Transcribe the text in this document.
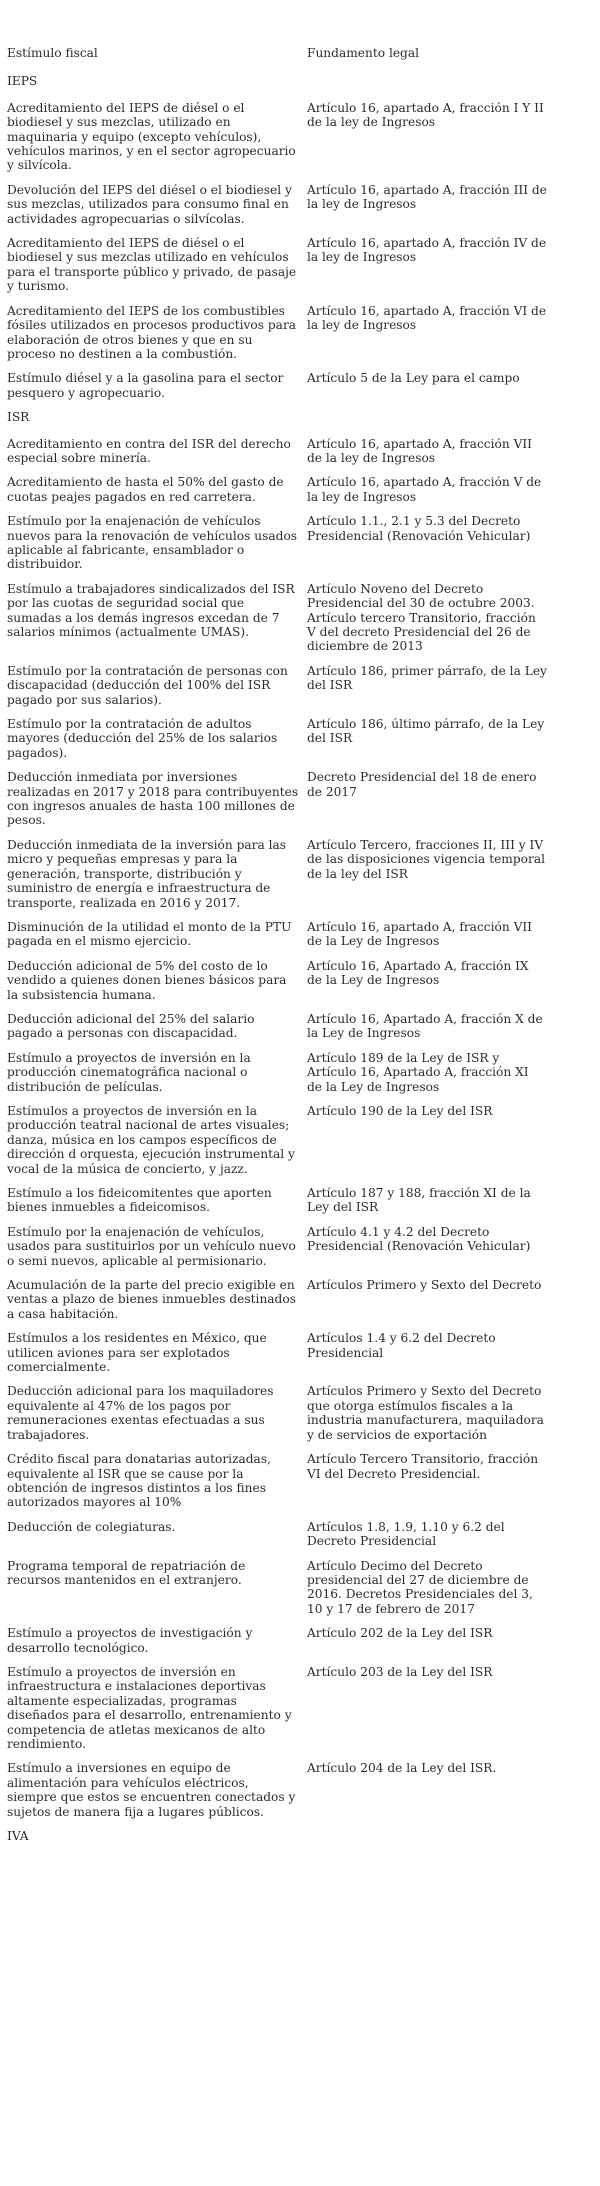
Estímulo fiscal	Fundamento legal
IEPS	
Acreditamiento del IEPS de diésel o el biodiesel y sus mezclas, utilizado en maquinaria y equipo (excepto vehículos), vehículos marinos, y en el sector agropecuario y silvícola.	Artículo 16, apartado A, fracción I Y II de la ley de Ingresos
Devolución del IEPS del diésel o el biodiesel y sus mezclas, utilizados para consumo final en actividades agropecuarias o silvícolas.	Artículo 16, apartado A, fracción III de la ley de Ingresos
Acreditamiento del IEPS de diésel o el biodiesel y sus mezclas utilizado en vehículos para el transporte público y privado, de pasaje y turismo.	Artículo 16, apartado A, fracción IV de la ley de Ingresos
Acreditamiento del IEPS de los combustibles fósiles utilizados en procesos productivos para elaboración de otros bienes y que en su proceso no destinen a la combustión.	Artículo 16, apartado A, fracción VI de la ley de Ingresos
Estímulo diésel y a la gasolina para el sector pesquero y agropecuario.	Artículo 5 de la Ley para el campo
ISR	
Acreditamiento en contra del ISR del derecho especial sobre minería.	Artículo 16, apartado A, fracción VII de la ley de Ingresos
Acreditamiento de hasta el 50% del gasto de cuotas peajes pagados en red carretera.	Artículo 16, apartado A, fracción V de la ley de Ingresos
Estímulo por la enajenación de vehículos nuevos para la renovación de vehículos usados aplicable al fabricante, ensamblador o distribuidor.	Artículo 1.1., 2.1 y 5.3 del Decreto Presidencial (Renovación Vehicular)
Estímulo a trabajadores sindicalizados del ISR por las cuotas de seguridad social que sumadas a los demás ingresos excedan de 7 salarios mínimos (actualmente UMAS).	Artículo Noveno del Decreto Presidencial del 30 de octubre 2003. Artículo tercero Transitorio, fracción V del decreto Presidencial del 26 de diciembre de 2013
Estímulo por la contratación de personas con discapacidad (deducción del 100% del ISR pagado por sus salarios).	Artículo 186, primer párrafo, de la Ley del ISR
Estímulo por la contratación de adultos mayores (deducción del 25% de los salarios pagados).	Artículo 186, último párrafo, de la Ley del ISR
Deducción inmediata por inversiones realizadas en 2017 y 2018 para contribuyentes con ingresos anuales de hasta 100 millones de pesos.	Decreto Presidencial del 18 de enero de 2017
Deducción inmediata de la inversión para las micro y pequeñas empresas y para la generación, transporte, distribución y suministro de energía e infraestructura de transporte, realizada en 2016 y 2017.	Artículo Tercero, fracciones II, III y IV de las disposiciones vigencia temporal de la ley del ISR
Disminución de la utilidad el monto de la PTU pagada en el mismo ejercicio.	Artículo 16, apartado A, fracción VII de la Ley de Ingresos
Deducción adicional de 5% del costo de lo vendido a quienes donen bienes básicos para la subsistencia humana.	Artículo 16, Apartado A, fracción IX de la Ley de Ingresos
Deducción adicional del 25% del salario pagado a personas con discapacidad.	Artículo 16, Apartado A, fracción X de la Ley de Ingresos
Estímulo a proyectos de inversión en la producción cinematográfica nacional o distribución de películas.	Artículo 189 de la Ley de ISR y Artículo 16, Apartado A, fracción XI de la Ley de Ingresos
Estímulos a proyectos de inversión en la producción teatral nacional de artes visuales; danza, música en los campos específicos de dirección d orquesta, ejecución instrumental y vocal de la música de concierto, y jazz.	Artículo 190 de la Ley del ISR
Estímulo a los fideicomitentes que aporten bienes inmuebles a fideicomisos.	Artículo 187 y 188, fracción XI de la Ley del ISR
Estímulo por la enajenación de vehículos, usados para sustituirlos por un vehículo nuevo o semi nuevos, aplicable al permisionario.	Artículo 4.1 y 4.2 del Decreto Presidencial (Renovación Vehicular)
Acumulación de la parte del precio exigible en ventas a plazo de bienes inmuebles destinados a casa habitación.	Artículos Primero y Sexto del Decreto
Estímulos a los residentes en México, que utilicen aviones para ser explotados comercialmente.	Artículos 1.4 y 6.2 del Decreto Presidencial
Deducción adicional para los maquiladores equivalente al 47% de los pagos por remuneraciones exentas efectuadas a sus trabajadores.	Artículos Primero y Sexto del Decreto que otorga estímulos fiscales a la industria manufacturera, maquiladora y de servicios de exportación
Crédito fiscal para donatarias autorizadas, equivalente al ISR que se cause por la obtención de ingresos distintos a los fines autorizados mayores al 10%	Artículo Tercero Transitorio, fracción VI del Decreto Presidencial.
Deducción de colegiaturas.	Artículos 1.8, 1.9, 1.10 y 6.2 del Decreto Presidencial
Programa temporal de repatriación de recursos mantenidos en el extranjero.	Artículo Decimo del Decreto presidencial del 27 de diciembre de 2016. Decretos Presidenciales del 3, 10 y 17 de febrero de 2017
Estímulo a proyectos de investigación y desarrollo tecnológico.	Artículo 202 de la Ley del ISR
Estímulo a proyectos de inversión en infraestructura e instalaciones deportivas altamente especializadas, programas diseñados para el desarrollo, entrenamiento y competencia de atletas mexicanos de alto rendimiento.	Artículo 203 de la Ley del ISR
Estímulo a inversiones en equipo de alimentación para vehículos eléctricos, siempre que estos se encuentren conectados y sujetos de manera fija a lugares públicos.	Artículo 204 de la Ley del ISR.
IVA	
